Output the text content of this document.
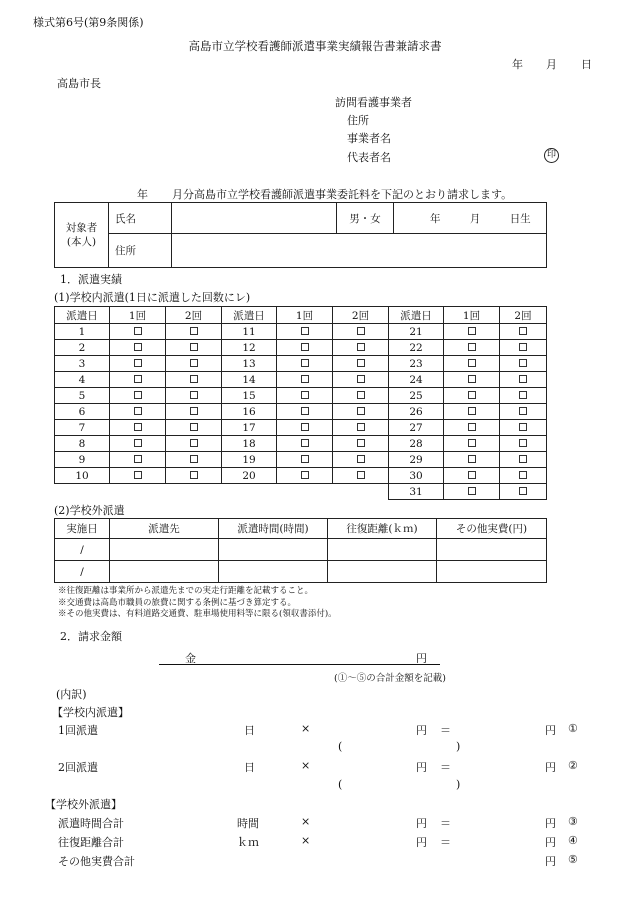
様式第6号(第9条関係)
高島市立学校看護師派遣事業実績報告書兼請求書
年 月 日
高島市長
訪問看護事業者
住所
事業者名
代表者名	印
年 月分高島市立学校看護師派遣事業委託料を下記のとおり請求します。
対象者
(本人)	氏名		男・女	年 月 日生
	住所			
1．派遣実績
(1)学校内派遣(1日に派遣した回数にレ)
派遣日	1回	2回	派遣日	1回	2回	派遣日	1回	2回
1			11			21		
2			12			22		
3			13			23		
4			14			24		
5			15			25		
6			16			26		
7			17			27		
8			18			28		
9			19			29		
10			20			30		
						31		
(2)学校外派遣
実施日	派遣先	派遣時間(時間)	往復距離(ｋｍ)	その他実費(円)
/				
/				
※往復距離は事業所から派遣先までの実走行距離を記載すること。
※交通費は高島市職員の旅費に関する条例に基づき算定する。
※その他実費は、有料道路交通費、駐車場使用料等に限る(領収書添付)。
2．請求金額
金	円
(①～⑤の合計金額を記載)
(内訳)
【学校内派遣】
1回派遣	日	×	円 ＝	円 ①
(	)
2回派遣	日	×	円 ＝	円 ②
(	)
【学校外派遣】
派遣時間合計	時間	×	円 ＝	円 ③
往復距離合計	ｋｍ	×	円 ＝	円 ④
その他実費合計	円 ⑤
